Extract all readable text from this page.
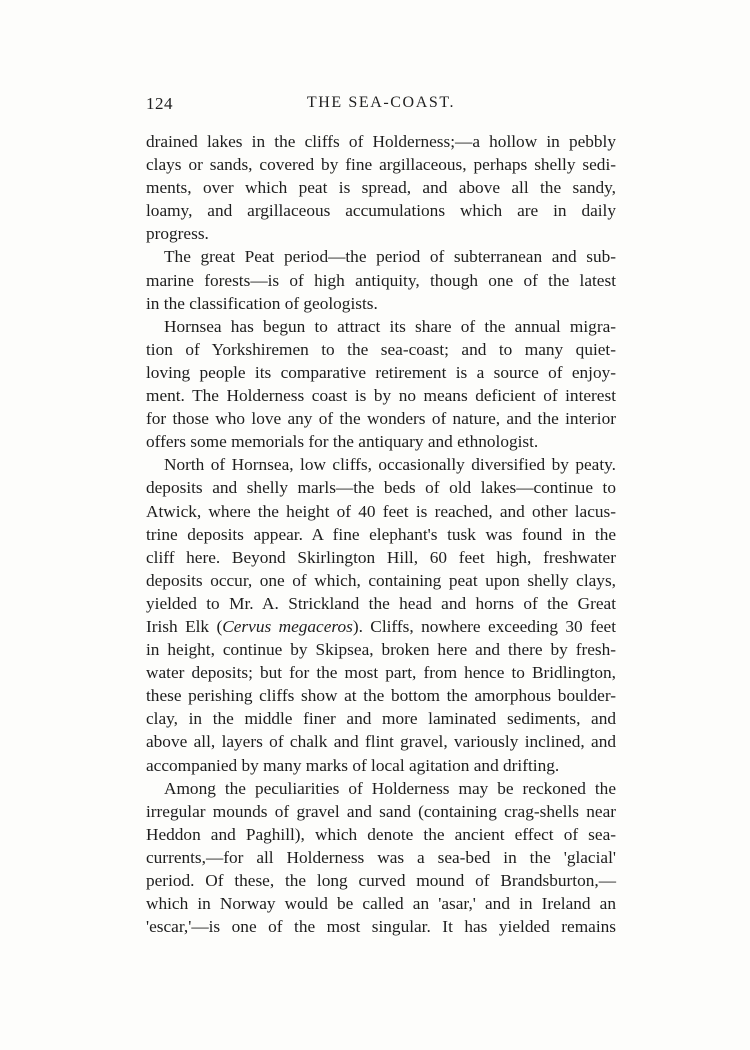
124	THE SEA-COAST.
drained lakes in the cliffs of Holderness;—a hollow in pebbly
clays or sands, covered by fine argillaceous, perhaps shelly sedi-
ments, over which peat is spread, and above all the sandy,
loamy, and argillaceous accumulations which are in daily
progress.
The great Peat period—the period of subterranean and sub-
marine forests—is of high antiquity, though one of the latest
in the classification of geologists.
Hornsea has begun to attract its share of the annual migra-
tion of Yorkshiremen to the sea-coast; and to many quiet-
loving people its comparative retirement is a source of enjoy-
ment. The Holderness coast is by no means deficient of interest
for those who love any of the wonders of nature, and the interior
offers some memorials for the antiquary and ethnologist.
North of Hornsea, low cliffs, occasionally diversified by peaty.
deposits and shelly marls—the beds of old lakes—continue to
Atwick, where the height of 40 feet is reached, and other lacus-
trine deposits appear. A fine elephant's tusk was found in the
cliff here. Beyond Skirlington Hill, 60 feet high, freshwater
deposits occur, one of which, containing peat upon shelly clays,
yielded to Mr. A. Strickland the head and horns of the Great
Irish Elk (Cervus megaceros). Cliffs, nowhere exceeding 30 feet
in height, continue by Skipsea, broken here and there by fresh-
water deposits; but for the most part, from hence to Bridlington,
these perishing cliffs show at the bottom the amorphous boulder-
clay, in the middle finer and more laminated sediments, and
above all, layers of chalk and flint gravel, variously inclined, and
accompanied by many marks of local agitation and drifting.
Among the peculiarities of Holderness may be reckoned the
irregular mounds of gravel and sand (containing crag-shells near
Heddon and Paghill), which denote the ancient effect of sea-
currents,—for all Holderness was a sea-bed in the 'glacial'
period. Of these, the long curved mound of Brandsburton,—
which in Norway would be called an 'asar,' and in Ireland an
'escar,'—is one of the most singular. It has yielded remains
